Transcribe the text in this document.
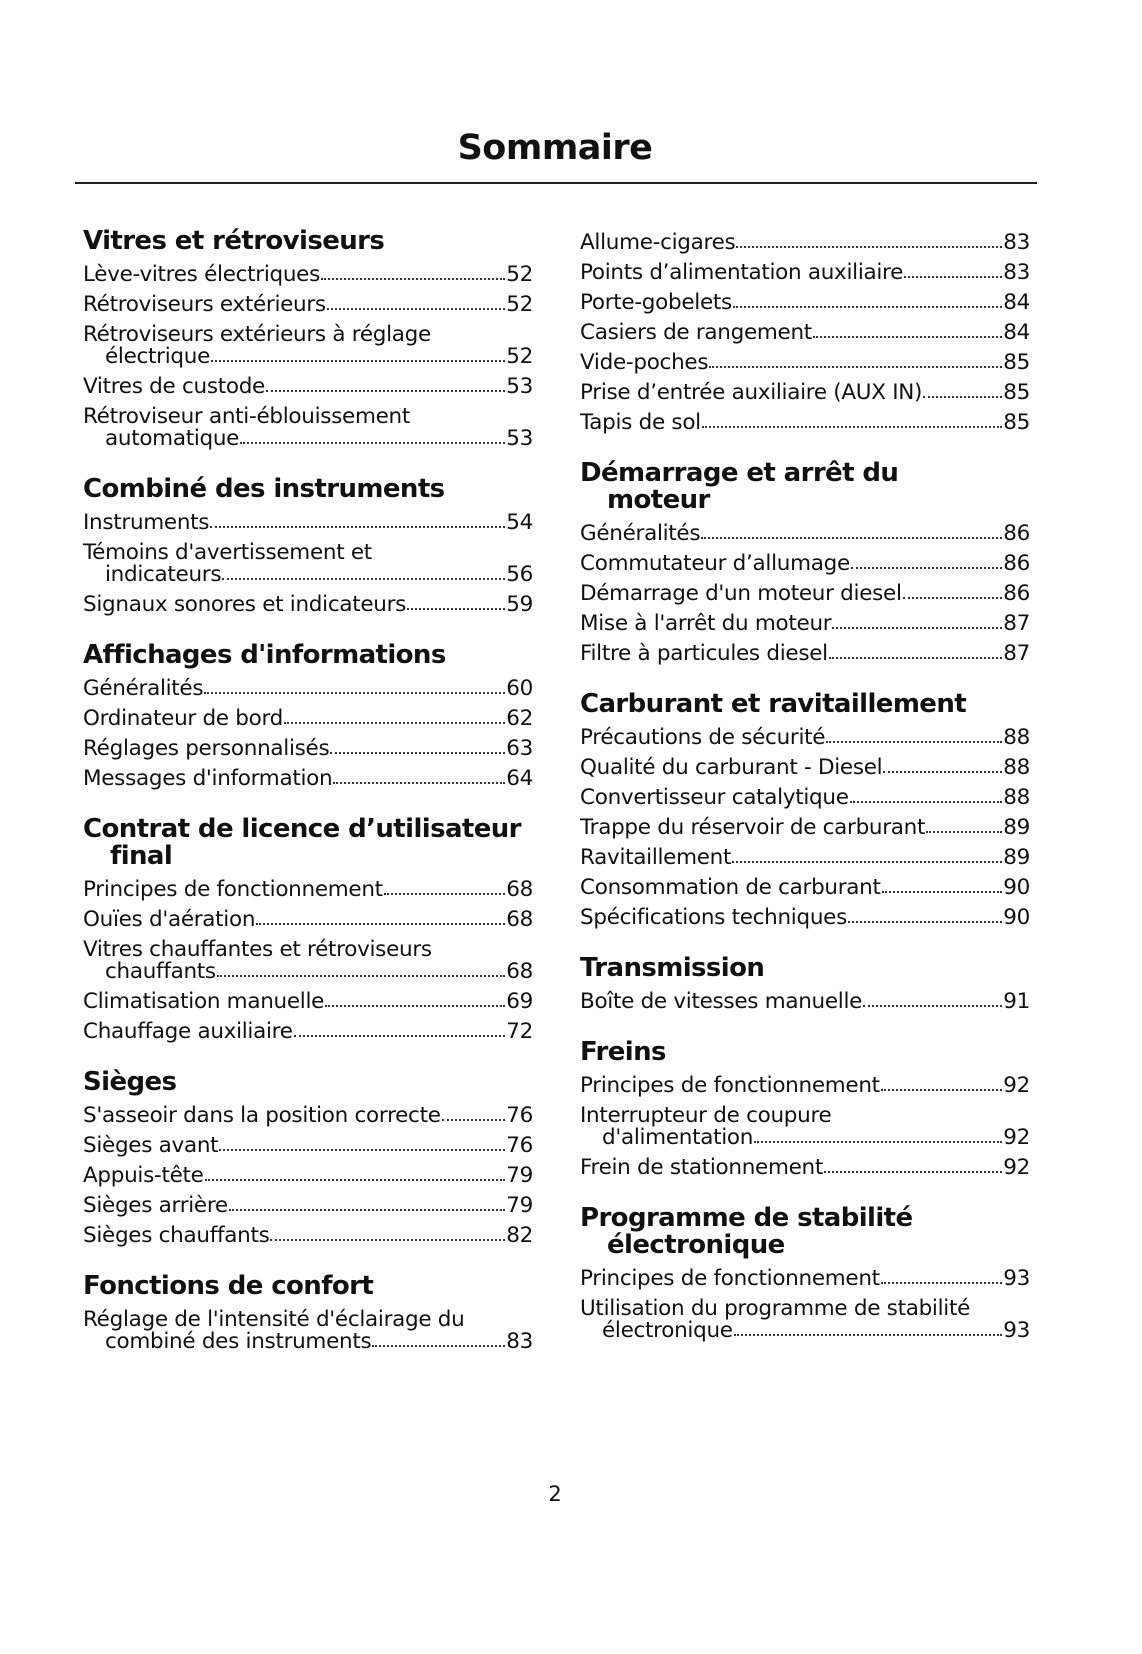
Sommaire
Vitres et rétroviseurs
Lève-vitres électriques	52
Rétroviseurs extérieurs	52
Rétroviseurs extérieurs à réglage
électrique	52
Vitres de custode	53
Rétroviseur anti-éblouissement
automatique	53
Combiné des instruments
Instruments	54
Témoins d'avertissement et
indicateurs	56
Signaux sonores et indicateurs	59
Affichages d'informations
Généralités	60
Ordinateur de bord	62
Réglages personnalisés	63
Messages d'information	64
Contrat de licence d’utilisateur
final
Principes de fonctionnement	68
Ouïes d'aération	68
Vitres chauffantes et rétroviseurs
chauffants	68
Climatisation manuelle	69
Chauffage auxiliaire	72
Sièges
S'asseoir dans la position correcte	76
Sièges avant	76
Appuis-tête	79
Sièges arrière	79
Sièges chauffants	82
Fonctions de confort
Réglage de l'intensité d'éclairage du
combiné des instruments	83
Allume-cigares	83
Points d’alimentation auxiliaire	83
Porte-gobelets	84
Casiers de rangement	84
Vide-poches	85
Prise d’entrée auxiliaire (AUX IN)	85
Tapis de sol	85
Démarrage et arrêt du
moteur
Généralités	86
Commutateur d’allumage	86
Démarrage d'un moteur diesel	86
Mise à l'arrêt du moteur	87
Filtre à particules diesel	87
Carburant et ravitaillement
Précautions de sécurité	88
Qualité du carburant - Diesel	88
Convertisseur catalytique	88
Trappe du réservoir de carburant	89
Ravitaillement	89
Consommation de carburant	90
Spécifications techniques	90
Transmission
Boîte de vitesses manuelle	91
Freins
Principes de fonctionnement	92
Interrupteur de coupure
d'alimentation	92
Frein de stationnement	92
Programme de stabilité
électronique
Principes de fonctionnement	93
Utilisation du programme de stabilité
électronique	93
2
